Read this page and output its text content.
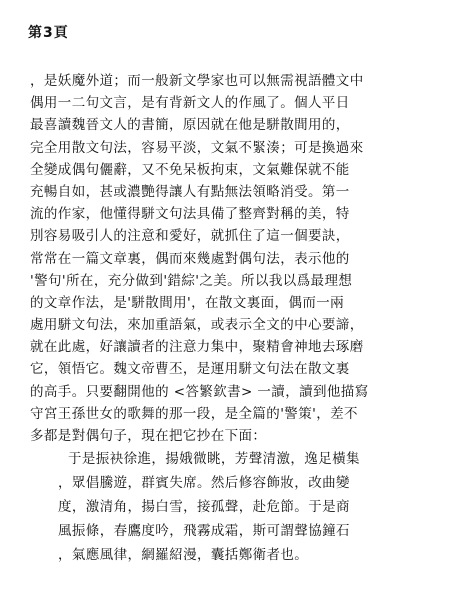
第3頁
，是妖魔外道；而一般新文學家也可以無需視語體文中
偶用一二句文言，是有背新文人的作風了。個人平日
最喜讀魏晉文人的書簡，原因就在他是駢散間用的，
完全用散文句法，容易平淡，文氣不緊湊；可是換過來
全變成偶句儷辭，又不免呆板拘束，文氣難保就不能
充暢自如，甚或濃艷得讓人有點無法領略消受。第一
流的作家，他懂得駢文句法具備了整齊對稱的美，特
別容易吸引人的注意和愛好，就抓住了這一個要訣，
常常在一篇文章裏，偶而來幾處對偶句法，表示他的
'警句'所在，充分做到'錯綜'之美。所以我以爲最理想
的文章作法，是'駢散間用'，在散文裏面，偶而一兩
處用駢文句法，來加重語氣，或表示全文的中心要諦，
就在此處，好讓讀者的注意力集中，聚精會神地去琢磨
它，領悟它。魏文帝曹丕，是運用駢文句法在散文裏
的高手。只要翻開他的 <答繁欽書> 一讀，讀到他描寫
守宮王孫世女的歌舞的那一段，是全篇的'警策'，差不
多都是對偶句子，現在把它抄在下面：
于是振袂徐進，揚娥微眺，芳聲清激，逸足橫集
，眾倡騰遊，群賓失席。然后修容飾妝，改曲變
度，激清角，揚白雪，接孤聲，赴危節。于是商
風振條，春鷹度吟，飛霧成霜，斯可謂聲協鐘石
，氣應風律，網羅紹漫，囊括鄭衛者也。
